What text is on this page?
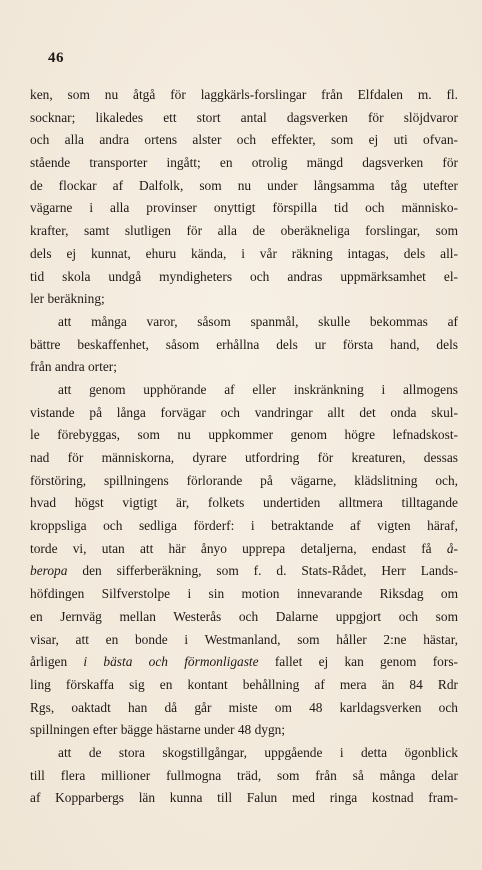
46
ken, som nu åtgå för laggkärls-forslingar från Elfdalen m. fl.
socknar; likaledes ett stort antal dagsverken för slöjdvaror
och alla andra ortens alster och effekter, som ej uti ofvan-
stående transporter ingått; en otrolig mängd dagsverken för
de flockar af Dalfolk, som nu under långsamma tåg utefter
vägarne i alla provinser onyttigt förspilla tid och människo-
krafter, samt slutligen för alla de oberäkneliga forslingar, som
dels ej kunnat, ehuru kända, i vår räkning intagas, dels all-
tid skola undgå myndigheters och andras uppmärksamhet el-
ler beräkning;
att många varor, såsom spanmål, skulle bekommas af
bättre beskaffenhet, såsom erhållna dels ur första hand, dels
från andra orter;
att genom upphörande af eller inskränkning i allmogens
vistande på långa forvägar och vandringar allt det onda skul-
le förebyggas, som nu uppkommer genom högre lefnadskost-
nad för människorna, dyrare utfordring för kreaturen, dessas
förstöring, spillningens förlorande på vägarne, klädslitning och,
hvad högst vigtigt är, folkets undertiden alltmera tilltagande
kroppsliga och sedliga förderf: i betraktande af vigten häraf,
torde vi, utan att här ånyo upprepa detaljerna, endast få å-
beropa den sifferberäkning, som f. d. Stats-Rådet, Herr Lands-
höfdingen Silfverstolpe i sin motion innevarande Riksdag om
en Jernväg mellan Westerås och Dalarne uppgjort och som
visar, att en bonde i Westmanland, som håller 2:ne hästar,
årligen i bästa och förmonligaste fallet ej kan genom fors-
ling förskaffa sig en kontant behållning af mera än 84 Rdr
Rgs, oaktadt han då går miste om 48 karldagsverken och
spillningen efter bägge hästarne under 48 dygn;
att de stora skogstillgångar, uppgående i detta ögonblick
till flera millioner fullmogna träd, som från så många delar
af Kopparbergs län kunna till Falun med ringa kostnad fram-
